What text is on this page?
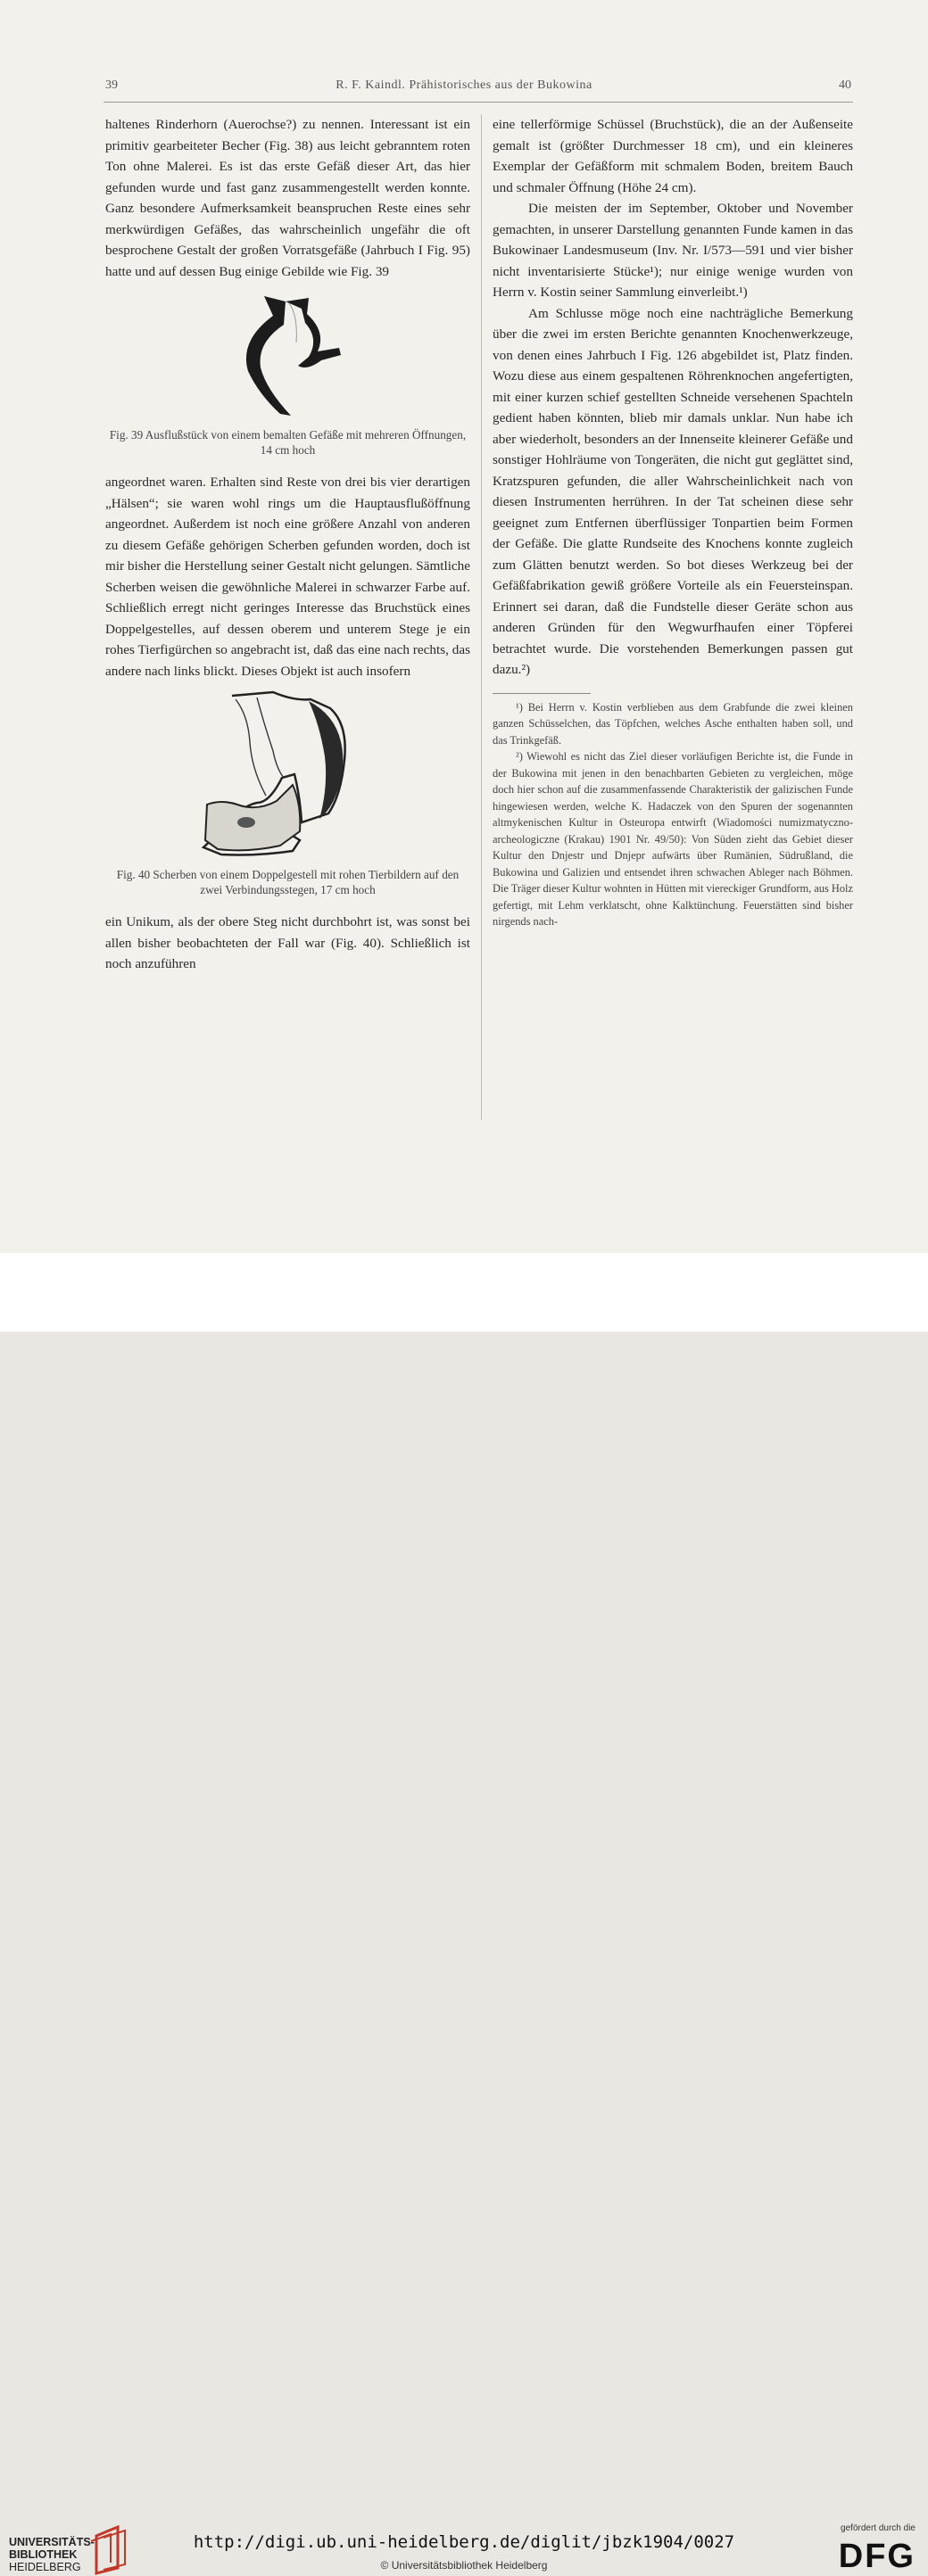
39	R. F. Kaindl. Prähistorisches aus der Bukowina	40

haltenes Rinderhorn (Auerochse?) zu nennen. Interessant ist ein primitiv gearbeiteter Becher (Fig. 38) aus leicht gebranntem roten Ton ohne Malerei. Es ist das erste Gefäß dieser Art, das hier gefunden wurde und fast ganz zusammengestellt werden konnte. Ganz besondere Aufmerksamkeit beanspruchen Reste eines sehr merkwürdigen Gefäßes, das wahrscheinlich ungefähr die oft besprochene Gestalt der großen Vorratsgefäße (Jahrbuch I Fig. 95) hatte und auf dessen Bug einige Gebilde wie Fig. 39

Fig. 39 Ausflußstück von einem bemalten Gefäße mit mehreren Öffnungen, 14 cm hoch

angeordnet waren. Erhalten sind Reste von drei bis vier derartigen „Hälsen“; sie waren wohl rings um die Hauptausflußöffnung angeordnet. Außerdem ist noch eine größere Anzahl von anderen zu diesem Gefäße gehörigen Scherben gefunden worden, doch ist mir bisher die Herstellung seiner Gestalt nicht gelungen. Sämtliche Scherben weisen die gewöhnliche Malerei in schwarzer Farbe auf. Schließlich erregt nicht geringes Interesse das Bruchstück eines Doppelgestelles, auf dessen oberem und unterem Stege je ein rohes Tierfigürchen so angebracht ist, daß das eine nach rechts, das andere nach links blickt. Dieses Objekt ist auch insofern

Fig. 40 Scherben von einem Doppelgestell mit rohen Tierbildern auf den zwei Verbindungsstegen, 17 cm hoch

ein Unikum, als der obere Steg nicht durchbohrt ist, was sonst bei allen bisher beobachteten der Fall war (Fig. 40). Schließlich ist noch anzuführen

eine tellerförmige Schüssel (Bruchstück), die an der Außenseite gemalt ist (größter Durchmesser 18 cm), und ein kleineres Exemplar der Gefäßform mit schmalem Boden, breitem Bauch und schmaler Öffnung (Höhe 24 cm).

Die meisten der im September, Oktober und November gemachten, in unserer Darstellung genannten Funde kamen in das Bukowinaer Landesmuseum (Inv. Nr. I/573—591 und vier bisher nicht inventarisierte Stücke¹); nur einige wenige wurden von Herrn v. Kostin seiner Sammlung einverleibt.¹)

Am Schlusse möge noch eine nachträgliche Bemerkung über die zwei im ersten Berichte genannten Knochenwerkzeuge, von denen eines Jahrbuch I Fig. 126 abgebildet ist, Platz finden. Wozu diese aus einem gespaltenen Röhrenknochen angefertigten, mit einer kurzen schief gestellten Schneide versehenen Spachteln gedient haben könnten, blieb mir damals unklar. Nun habe ich aber wiederholt, besonders an der Innenseite kleinerer Gefäße und sonstiger Hohlräume von Tongeräten, die nicht gut geglättet sind, Kratzspuren gefunden, die aller Wahrscheinlichkeit nach von diesen Instrumenten herrühren. In der Tat scheinen diese sehr geeignet zum Entfernen überflüssiger Tonpartien beim Formen der Gefäße. Die glatte Rundseite des Knochens konnte zugleich zum Glätten benutzt werden. So bot dieses Werkzeug bei der Gefäßfabrikation gewiß größere Vorteile als ein Feuersteinspan. Erinnert sei daran, daß die Fundstelle dieser Geräte schon aus anderen Gründen für den Wegwurfhaufen einer Töpferei betrachtet wurde. Die vorstehenden Bemerkungen passen gut dazu.²)

¹) Bei Herrn v. Kostin verblieben aus dem Grabfunde die zwei kleinen ganzen Schüsselchen, das Töpfchen, welches Asche enthalten haben soll, und das Trinkgefäß.

²) Wiewohl es nicht das Ziel dieser vorläufigen Berichte ist, die Funde in der Bukowina mit jenen in den benachbarten Gebieten zu vergleichen, möge doch hier schon auf die zusammenfassende Charakteristik der galizischen Funde hingewiesen werden, welche K. Hadaczek von den Spuren der sogenannten altmykenischen Kultur in Osteuropa entwirft (Wiadomości numizmatyczno-archeologiczne (Krakau) 1901 Nr. 49/50): Von Süden zieht das Gebiet dieser Kultur den Dnjestr und Dnjepr aufwärts über Rumänien, Südrußland, die Bukowina und Galizien und entsendet ihren schwachen Ableger nach Böhmen. Die Träger dieser Kultur wohnten in Hütten mit viereckiger Grundform, aus Holz gefertigt, mit Lehm verklatscht, ohne Kalktünchung. Feuerstätten sind bisher nirgends nach-

UNIVERSITÄTS-
BIBLIOTHEK
HEIDELBERG
http://digi.ub.uni-heidelberg.de/diglit/jbzk1904/0027
© Universitätsbibliothek Heidelberg
gefördert durch die
DFG
